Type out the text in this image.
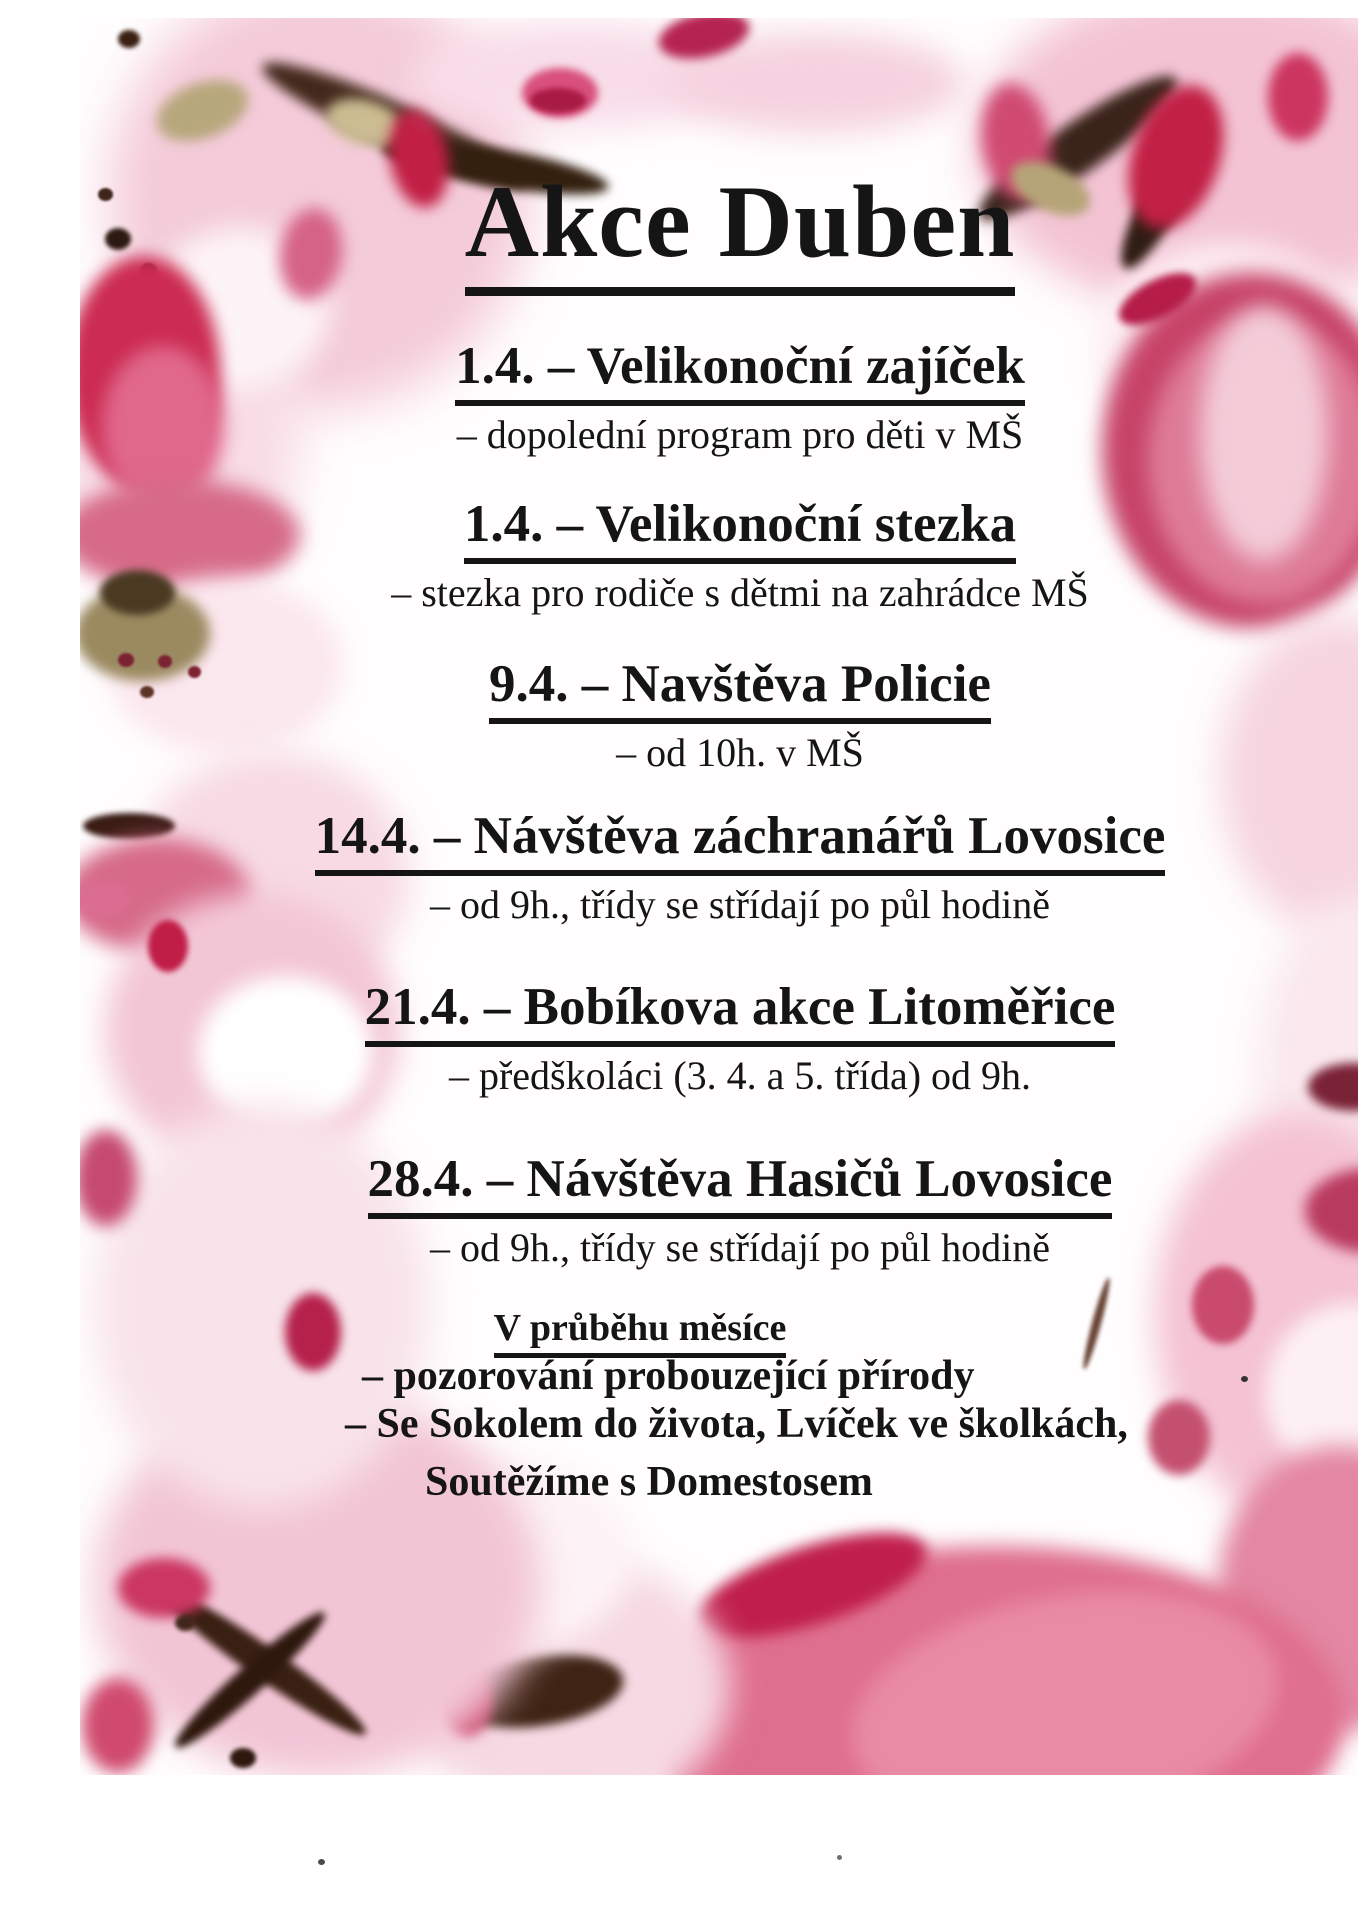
Akce Duben
1.4. – Velikonoční zajíček
– dopolední program pro děti v MŠ
1.4. – Velikonoční stezka
– stezka pro rodiče s dětmi na zahrádce MŠ
9.4. – Navštěva Policie
– od 10h. v MŠ
14.4. – Návštěva záchranářů Lovosice
– od 9h., třídy se střídají po půl hodině
21.4. – Bobíkova akce Litoměřice
– předškoláci (3. 4. a 5. třída) od 9h.
28.4. – Návštěva Hasičů Lovosice
– od 9h., třídy se střídají po půl hodině
V průběhu měsíce
– pozorování probouzející přírody
– Se Sokolem do života, Lvíček ve školkách,
Soutěžíme s Domestosem
